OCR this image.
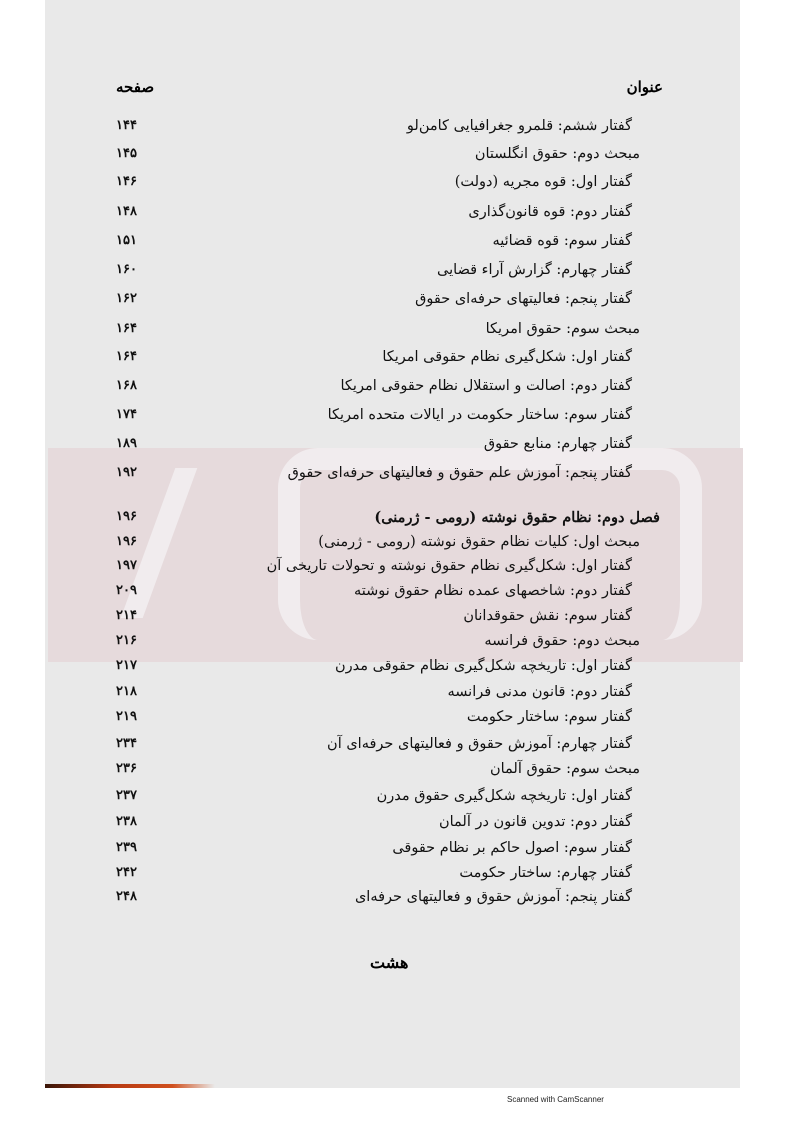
عنوان
صفحه
گفتار ششم: قلمرو جغرافیایی کامن‌لو
۱۴۴
مبحث دوم: حقوق انگلستان
۱۴۵
گفتار اول: قوه مجریه (دولت)
۱۴۶
گفتار دوم: قوه قانون‌گذاری
۱۴۸
گفتار سوم: قوه قضائیه
۱۵۱
گفتار چهارم: گزارش آراء قضایی
۱۶۰
گفتار پنجم: فعالیتهای حرفه‌ای حقوق
۱۶۲
مبحث سوم: حقوق امریکا
۱۶۴
گفتار اول: شکل‌گیری نظام حقوقی امریکا
۱۶۴
گفتار دوم: اصالت و استقلال نظام حقوقی امریکا
۱۶۸
گفتار سوم: ساختار حکومت در ایالات متحده امریکا
۱۷۴
گفتار چهارم: منابع حقوق
۱۸۹
گفتار پنجم: آموزش علم حقوق و فعالیتهای حرفه‌ای حقوق
۱۹۲
فصل دوم: نظام حقوق نوشته (رومی - ژرمنی)
۱۹۶
مبحث اول: کلیات نظام حقوق نوشته (رومی - ژرمنی)
۱۹۶
گفتار اول: شکل‌گیری نظام حقوق نوشته و تحولات تاریخی آن
۱۹۷
گفتار دوم: شاخصهای عمده نظام حقوق نوشته
۲۰۹
گفتار سوم: نقش حقوقدانان
۲۱۴
مبحث دوم: حقوق فرانسه
۲۱۶
گفتار اول: تاریخچه شکل‌گیری نظام حقوقی مدرن
۲۱۷
گفتار دوم: قانون مدنی فرانسه
۲۱۸
گفتار سوم: ساختار حکومت
۲۱۹
گفتار چهارم: آموزش حقوق و فعالیتهای حرفه‌ای آن
۲۳۴
مبحث سوم: حقوق آلمان
۲۳۶
گفتار اول: تاریخچه شکل‌گیری حقوق مدرن
۲۳۷
گفتار دوم: تدوین قانون در آلمان
۲۳۸
گفتار سوم: اصول حاکم بر نظام حقوقی
۲۳۹
گفتار چهارم: ساختار حکومت
۲۴۲
گفتار پنجم: آموزش حقوق و فعالیتهای حرفه‌ای
۲۴۸
هشت
Scanned with CamScanner
